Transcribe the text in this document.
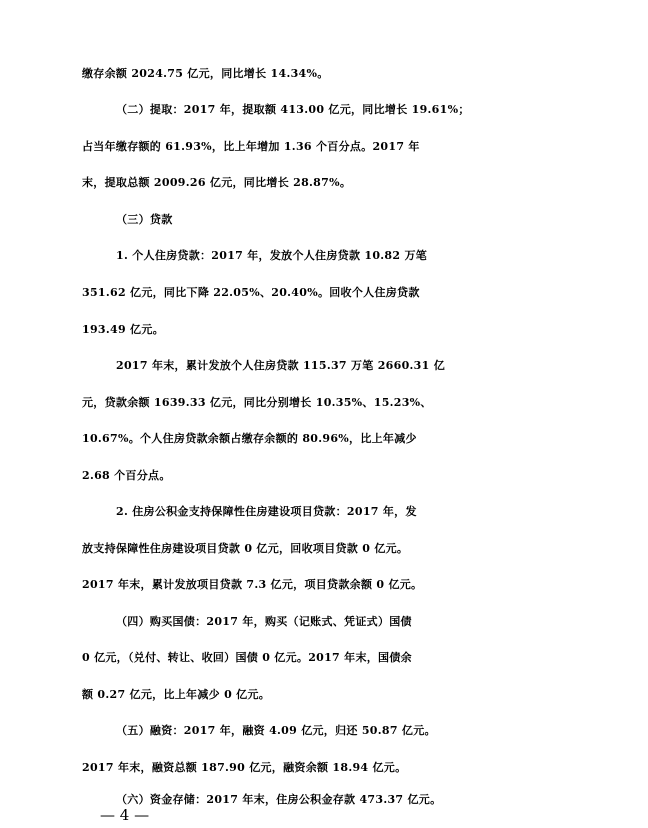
缴存余额 2024.75 亿元，同比增长 14.34%。
（二）提取：2017 年，提取额 413.00 亿元，同比增长 19.61%；
占当年缴存额的 61.93%，比上年增加 1.36 个百分点。2017 年
末，提取总额 2009.26 亿元，同比增长 28.87%。
（三）贷款
1. 个人住房贷款：2017 年，发放个人住房贷款 10.82 万笔
351.62 亿元，同比下降 22.05%、20.40%。回收个人住房贷款
193.49 亿元。
2017 年末，累计发放个人住房贷款 115.37 万笔 2660.31 亿
元，贷款余额 1639.33 亿元，同比分别增长 10.35%、15.23%、
10.67%。个人住房贷款余额占缴存余额的 80.96%，比上年减少
2.68 个百分点。
2. 住房公积金支持保障性住房建设项目贷款：2017 年，发
放支持保障性住房建设项目贷款 0 亿元，回收项目贷款 0 亿元。
2017 年末，累计发放项目贷款 7.3 亿元，项目贷款余额 0 亿元。
（四）购买国债：2017 年，购买（记账式、凭证式）国债
0 亿元，（兑付、转让、收回）国债 0 亿元。2017 年末，国债余
额 0.27 亿元，比上年减少 0 亿元。
（五）融资：2017 年，融资 4.09 亿元，归还 50.87 亿元。
2017 年末，融资总额 187.90 亿元，融资余额 18.94 亿元。
（六）资金存储：2017 年末，住房公积金存款 473.37 亿元。
— 4 —
